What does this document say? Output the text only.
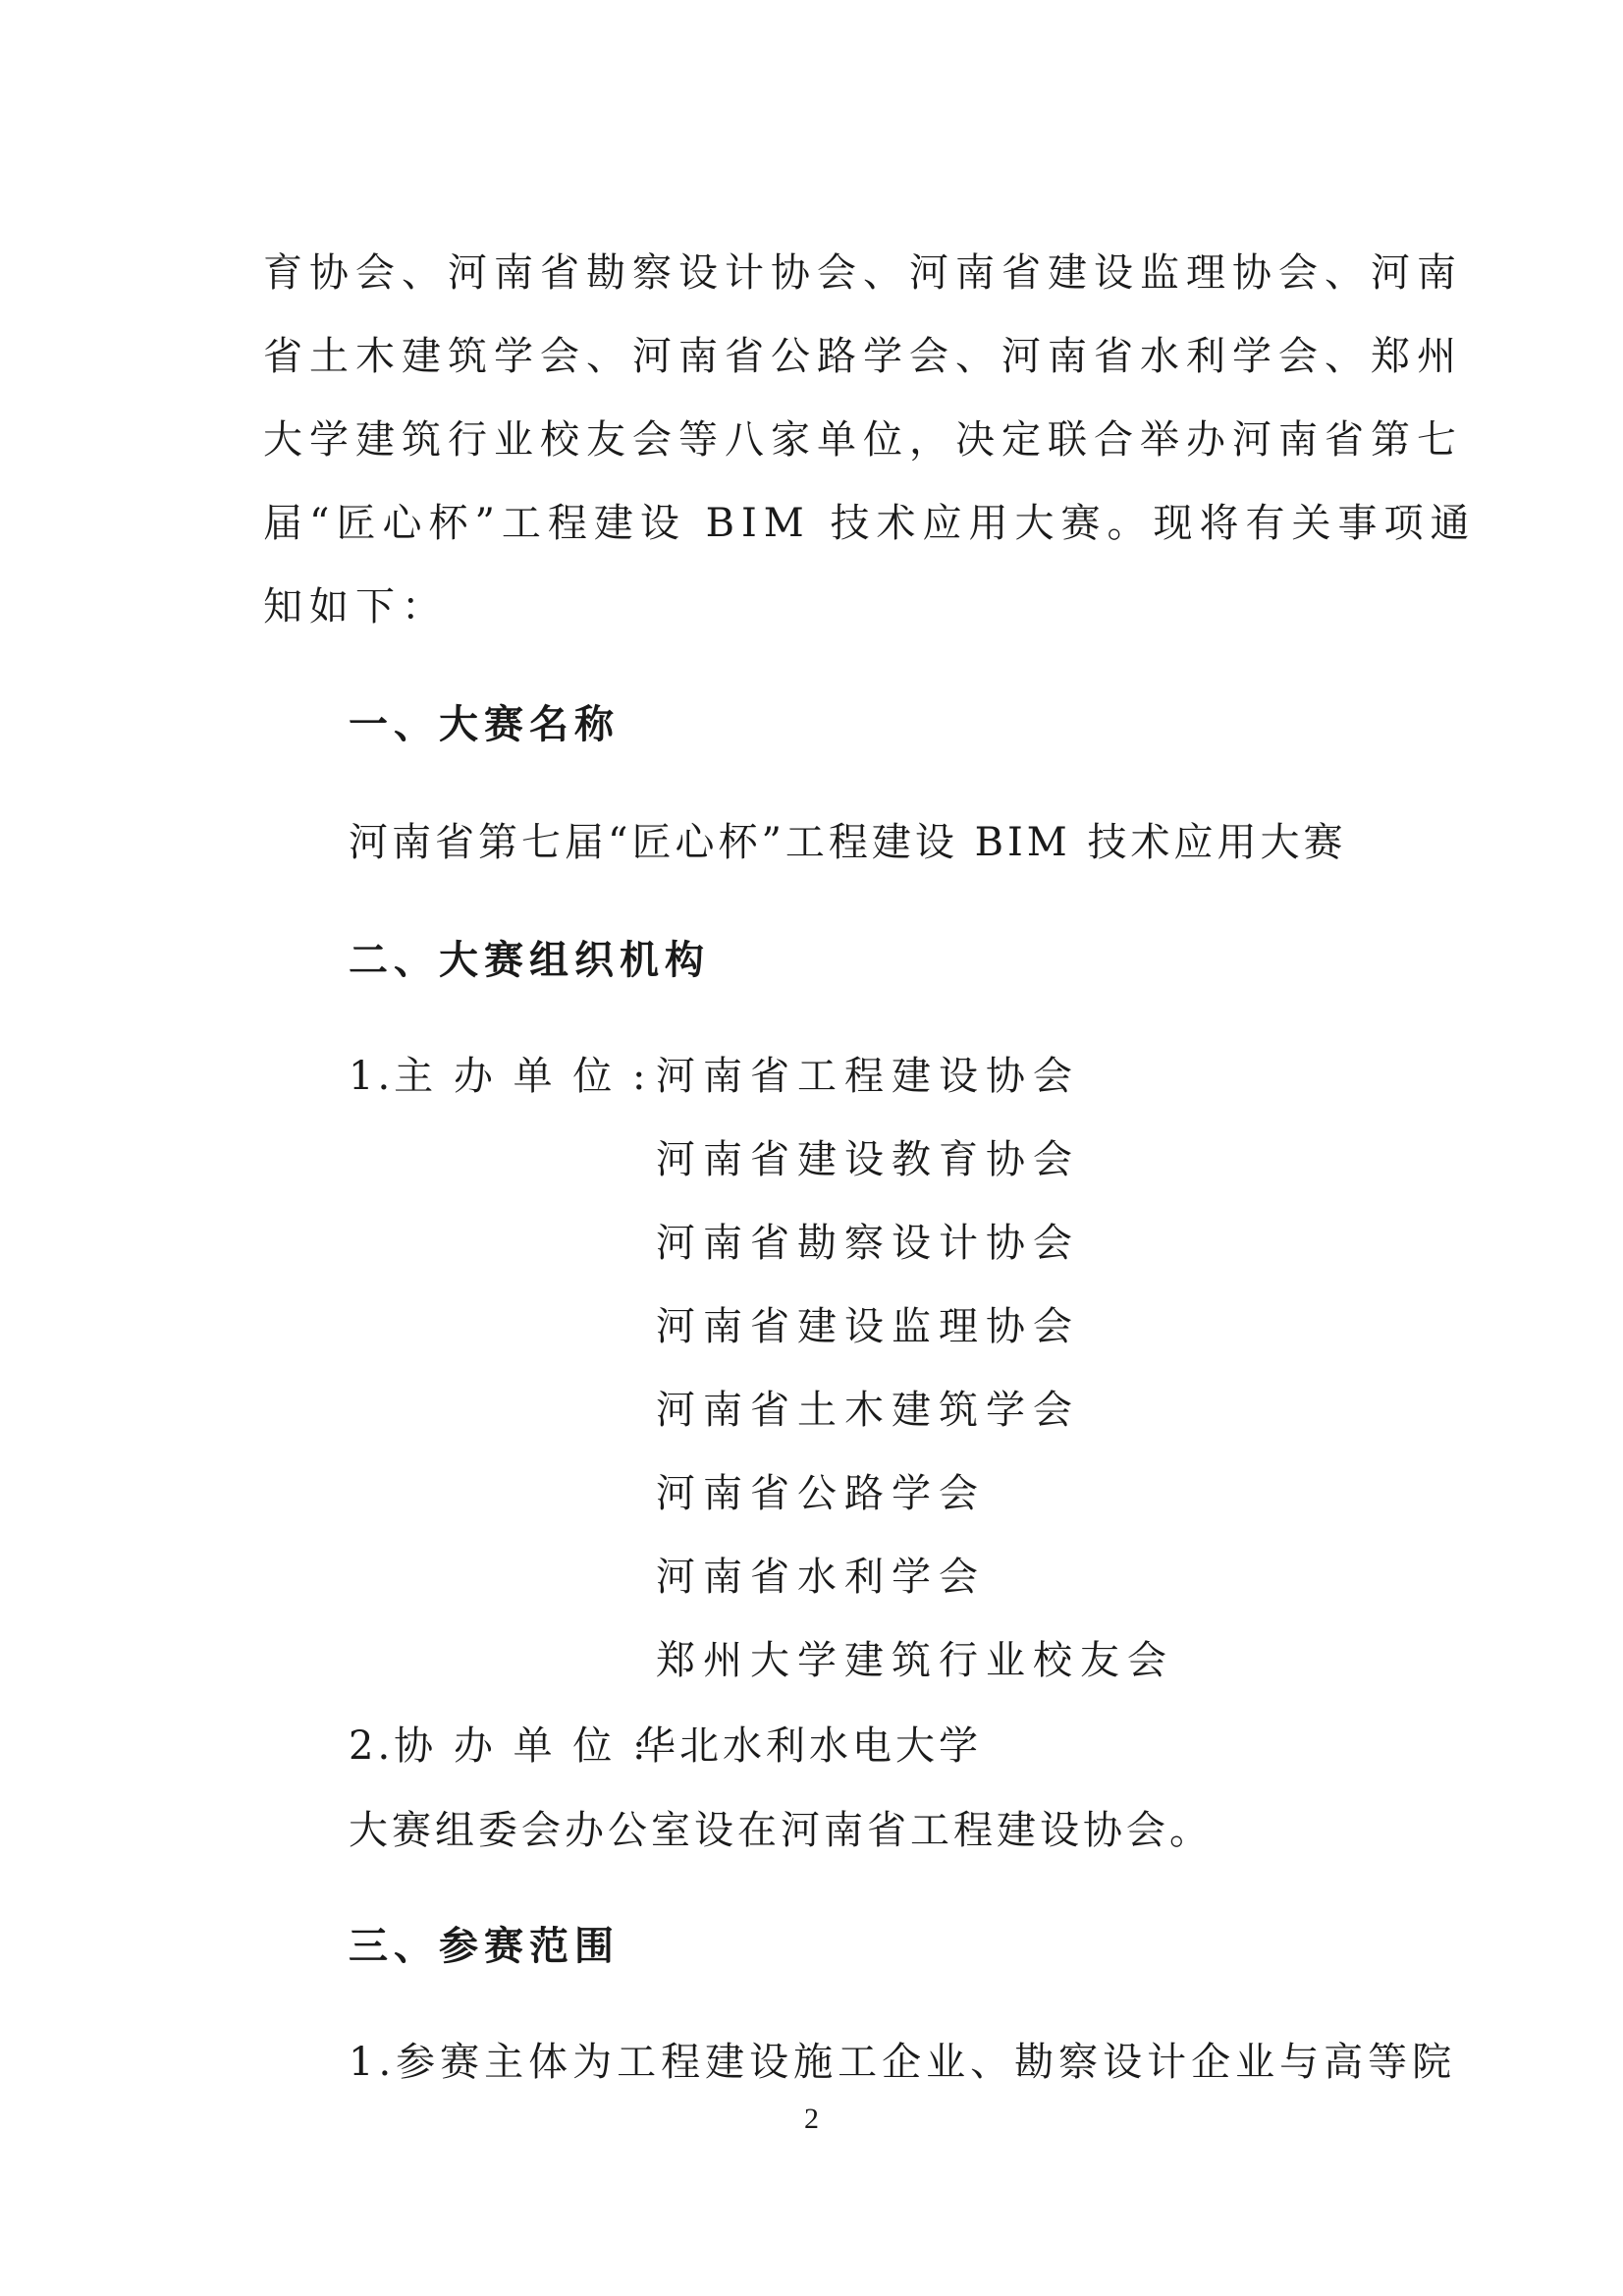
育协会、河南省勘察设计协会、河南省建设监理协会、河南
省土木建筑学会、河南省公路学会、河南省水利学会、郑州
大学建筑行业校友会等八家单位，决定联合举办河南省第七
届“匠心杯”工程建设 BIM 技术应用大赛。现将有关事项通
知如下：
一、大赛名称
河南省第七届“匠心杯”工程建设 BIM 技术应用大赛
二、大赛组织机构
1.主 办 单 位 : 河南省工程建设协会
河南省建设教育协会
河南省勘察设计协会
河南省建设监理协会
河南省土木建筑学会
河南省公路学会
河南省水利学会
郑州大学建筑行业校友会
2.协 办 单 位 :
华北水利水电大学
大赛组委会办公室设在河南省工程建设协会。
三、参赛范围
1.参赛主体为工程建设施工企业、勘察设计企业与高等院
2
